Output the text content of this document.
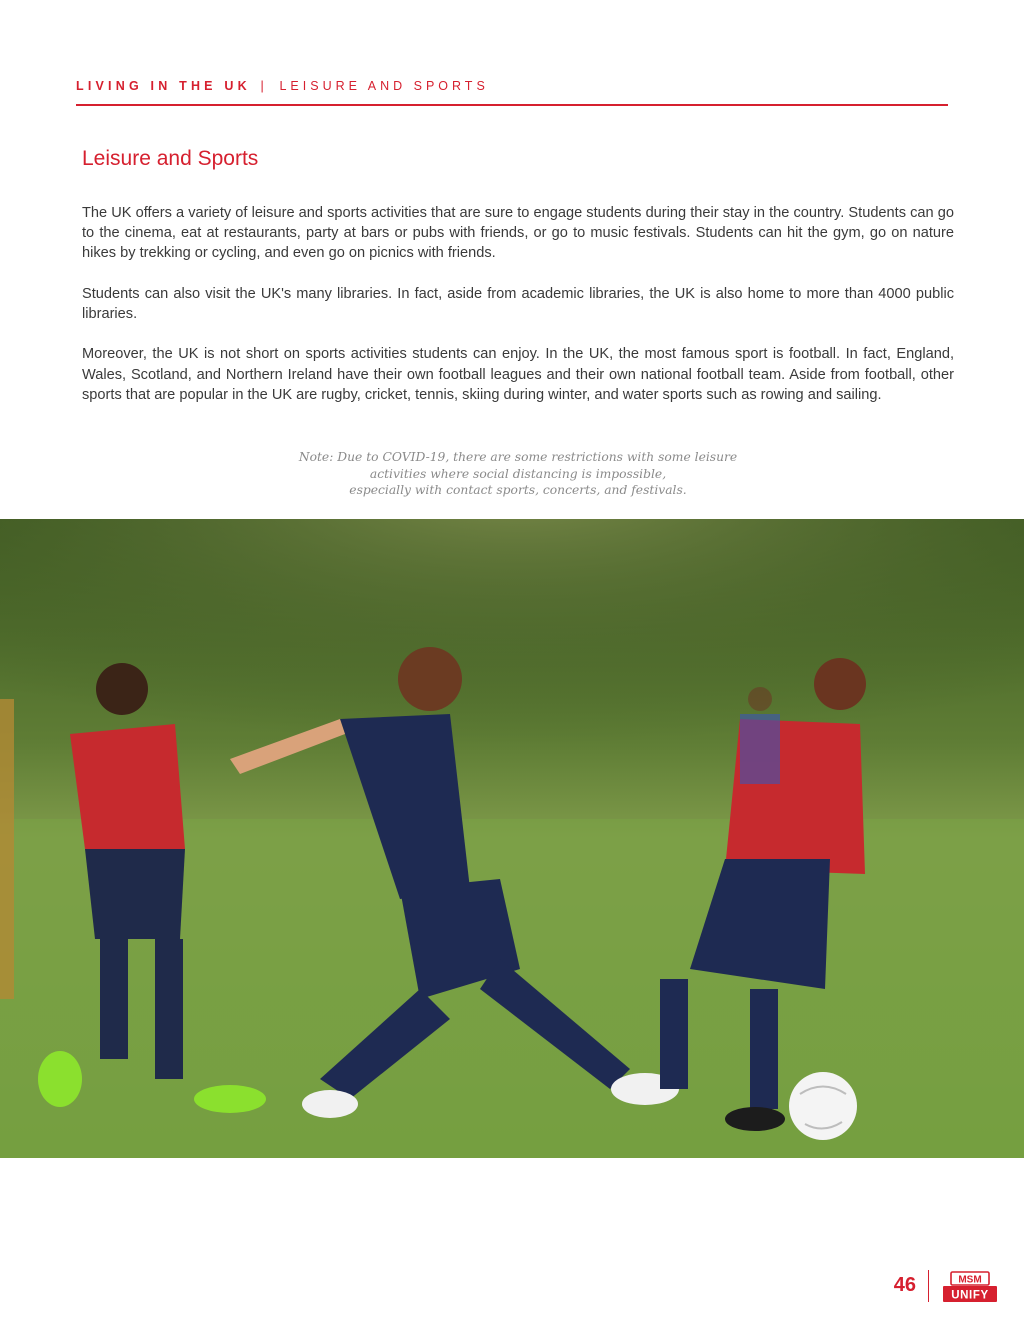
LIVING IN THE UK | LEISURE AND SPORTS
Leisure and Sports

The UK offers a variety of leisure and sports activities that are sure to engage students during their stay in the country. Students can go to the cinema, eat at restaurants, party at bars or pubs with friends, or go to music festivals. Students can hit the gym, go on nature hikes by trekking or cycling, and even go on picnics with friends.

Students can also visit the UK's many libraries. In fact, aside from academic libraries, the UK is also home to more than 4000 public libraries.

Moreover, the UK is not short on sports activities students can enjoy. In the UK, the most famous sport is football. In fact, England, Wales, Scotland, and Northern Ireland have their own football leagues and their own national football team. Aside from football, other sports that are popular in the UK are rugby, cricket, tennis, skiing during winter, and water sports such as rowing and sailing.

Note: Due to COVID-19, there are some restrictions with some leisure
activities where social distancing is impossible,
especially with contact sports, concerts, and festivals.
46	MSM
UNIFY
